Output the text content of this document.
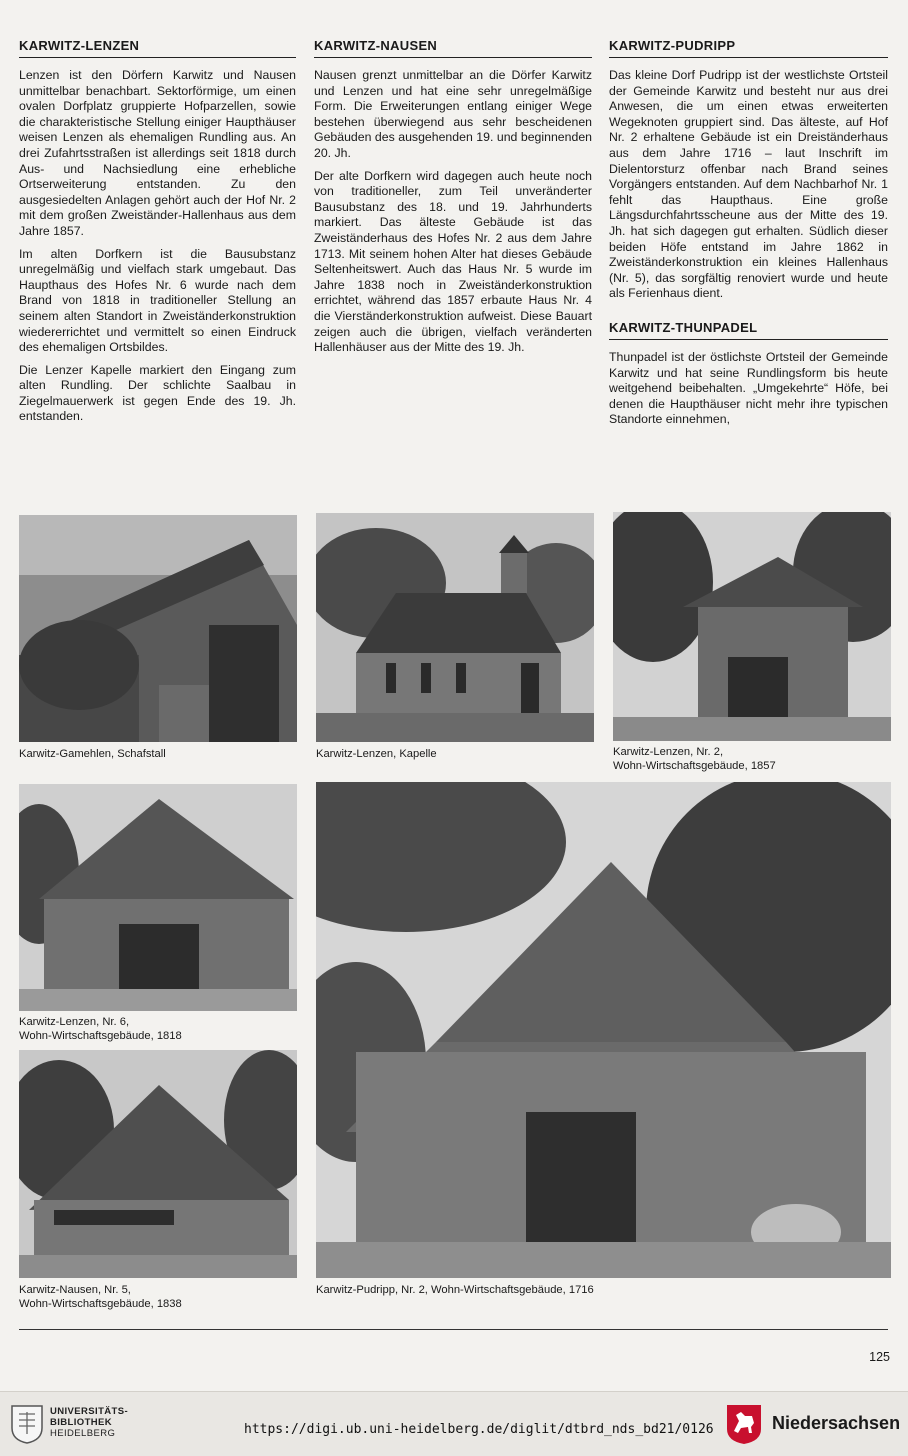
KARWITZ-LENZEN

Lenzen ist den Dörfern Karwitz und Nausen unmittelbar benachbart. Sektorförmige, um einen ovalen Dorfplatz gruppierte Hofparzellen, sowie die charakteristische Stellung einiger Haupthäuser weisen Lenzen als ehemaligen Rundling aus. An drei Zufahrtsstraßen ist allerdings seit 1818 durch Aus- und Nachsiedlung eine erhebliche Ortserweiterung entstanden. Zu den ausgesiedelten Anlagen gehört auch der Hof Nr. 2 mit dem großen Zweiständer-Hallenhaus aus dem Jahre 1857.

Im alten Dorfkern ist die Bausubstanz unregelmäßig und vielfach stark umgebaut. Das Haupthaus des Hofes Nr. 6 wurde nach dem Brand von 1818 in traditioneller Stellung an seinem alten Standort in Zweiständerkonstruktion wiedererrichtet und vermittelt so einen Eindruck des ehemaligen Ortsbildes.

Die Lenzer Kapelle markiert den Eingang zum alten Rundling. Der schlichte Saalbau in Ziegelmauerwerk ist gegen Ende des 19. Jh. entstanden.

KARWITZ-NAUSEN

Nausen grenzt unmittelbar an die Dörfer Karwitz und Lenzen und hat eine sehr unregelmäßige Form. Die Erweiterungen entlang einiger Wege bestehen überwiegend aus sehr bescheidenen Gebäuden des ausgehenden 19. und beginnenden 20. Jh.

Der alte Dorfkern wird dagegen auch heute noch von traditioneller, zum Teil unveränderter Bausubstanz des 18. und 19. Jahrhunderts markiert. Das älteste Gebäude ist das Zweiständerhaus des Hofes Nr. 2 aus dem Jahre 1713. Mit seinem hohen Alter hat dieses Gebäude Seltenheitswert. Auch das Haus Nr. 5 wurde im Jahre 1838 noch in Zweiständerkonstruktion errichtet, während das 1857 erbaute Haus Nr. 4 die Vierständerkonstruktion aufweist. Diese Bauart zeigen auch die übrigen, vielfach veränderten Hallenhäuser aus der Mitte des 19. Jh.

KARWITZ-PUDRIPP

Das kleine Dorf Pudripp ist der westlichste Ortsteil der Gemeinde Karwitz und besteht nur aus drei Anwesen, die um einen etwas erweiterten Wegeknoten gruppiert sind. Das älteste, auf Hof Nr. 2 erhaltene Gebäude ist ein Dreiständerhaus aus dem Jahre 1716 – laut Inschrift im Dielentorsturz offenbar nach Brand seines Vorgängers entstanden. Auf dem Nachbarhof Nr. 1 fehlt das Haupthaus. Eine große Längsdurchfahrtsscheune aus der Mitte des 19. Jh. hat sich dagegen gut erhalten. Südlich dieser beiden Höfe entstand im Jahre 1862 in Zweiständerkonstruktion ein kleines Hallenhaus (Nr. 5), das sorgfältig renoviert wurde und heute als Ferienhaus dient.

KARWITZ-THUNPADEL

Thunpadel ist der östlichste Ortsteil der Gemeinde Karwitz und hat seine Rundlingsform bis heute weitgehend beibehalten. „Umgekehrte“ Höfe, bei denen die Haupthäuser nicht mehr ihre typischen Standorte einnehmen,

Karwitz-Gamehlen, Schafstall	Karwitz-Lenzen, Kapelle	Karwitz-Lenzen, Nr. 2,
Wohn-Wirtschaftsgebäude, 1857
Karwitz-Lenzen, Nr. 6,
Wohn-Wirtschaftsgebäude, 1818
Karwitz-Nausen, Nr. 5,
Wohn-Wirtschaftsgebäude, 1838
Karwitz-Pudripp, Nr. 2, Wohn-Wirtschaftsgebäude, 1716
125
UNIVERSITÄTS-
BIBLIOTHEK
HEIDELBERG	https://digi.ub.uni-heidelberg.de/diglit/dtbrd_nds_bd21/0126	Niedersachsen
